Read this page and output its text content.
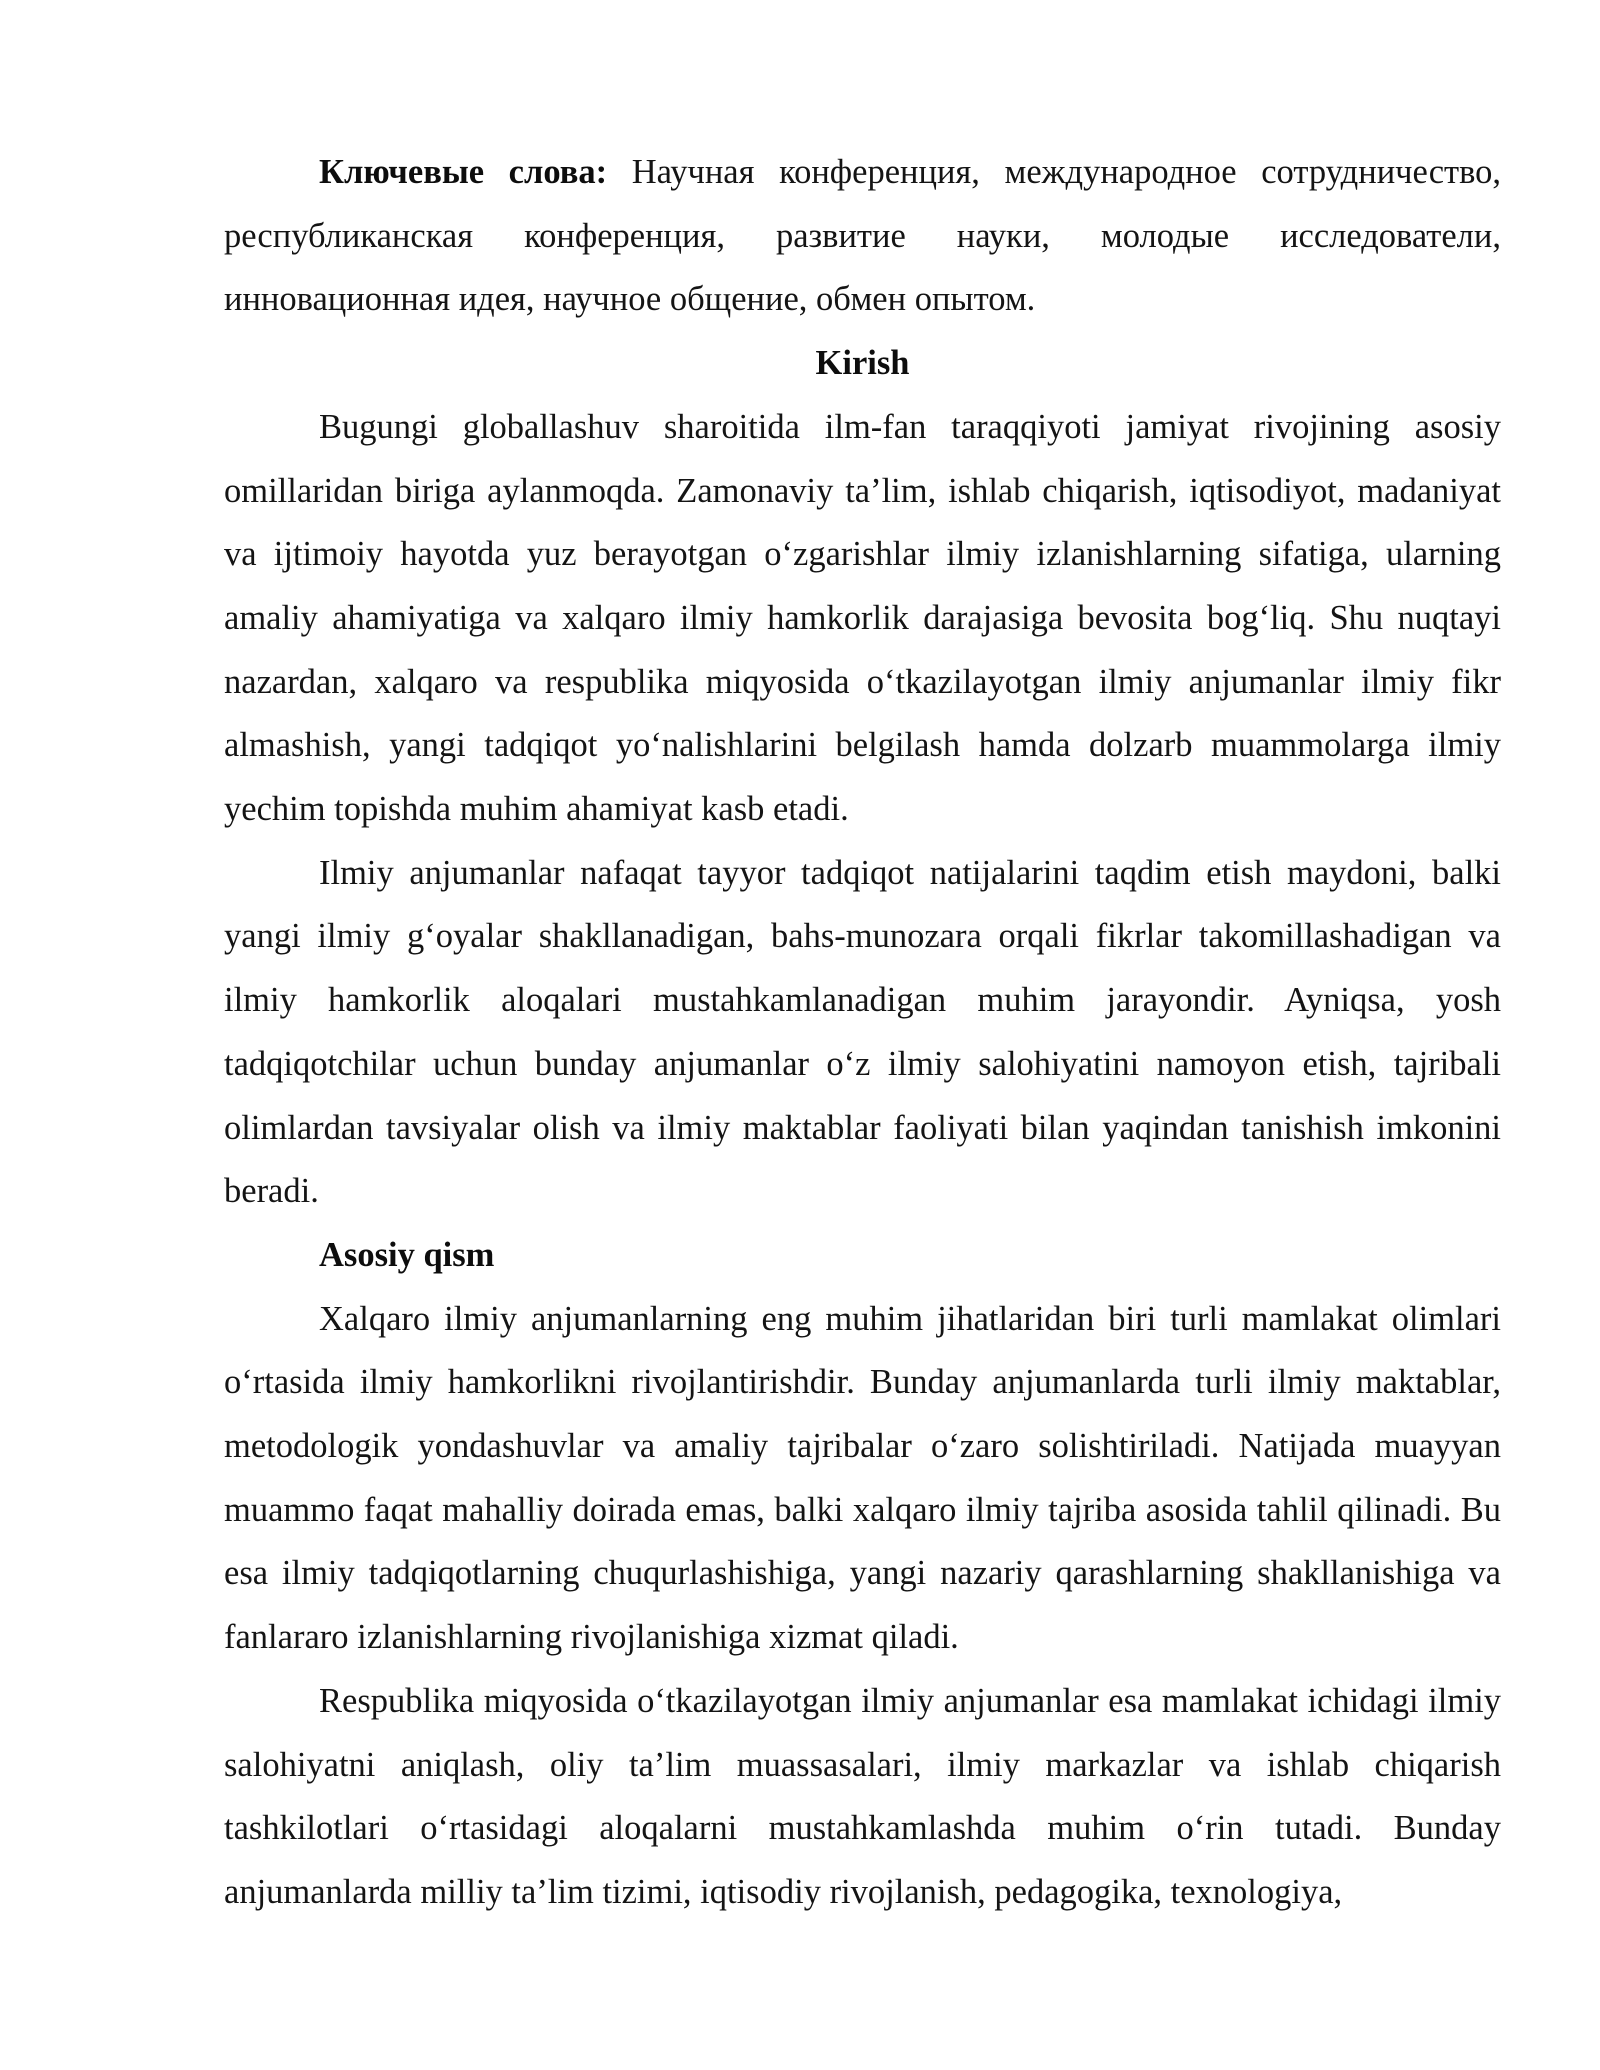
Ключевые слова: Научная конференция, международное сотрудничество, республиканская конференция, развитие науки, молодые исследователи, инновационная идея, научное общение, обмен опытом.

Kirish

Bugungi globallashuv sharoitida ilm-fan taraqqiyoti jamiyat rivojining asosiy omillaridan biriga aylanmoqda. Zamonaviy ta’lim, ishlab chiqarish, iqtisodiyot, madaniyat va ijtimoiy hayotda yuz berayotgan o‘zgarishlar ilmiy izlanishlarning sifatiga, ularning amaliy ahamiyatiga va xalqaro ilmiy hamkorlik darajasiga bevosita bog‘liq. Shu nuqtayi nazardan, xalqaro va respublika miqyosida o‘tkazilayotgan ilmiy anjumanlar ilmiy fikr almashish, yangi tadqiqot yo‘nalishlarini belgilash hamda dolzarb muammolarga ilmiy yechim topishda muhim ahamiyat kasb etadi.

Ilmiy anjumanlar nafaqat tayyor tadqiqot natijalarini taqdim etish maydoni, balki yangi ilmiy g‘oyalar shakllanadigan, bahs-munozara orqali fikrlar takomillashadigan va ilmiy hamkorlik aloqalari mustahkamlanadigan muhim jarayondir. Ayniqsa, yosh tadqiqotchilar uchun bunday anjumanlar o‘z ilmiy salohiyatini namoyon etish, tajribali olimlardan tavsiyalar olish va ilmiy maktablar faoliyati bilan yaqindan tanishish imkonini beradi.

Asosiy qism

Xalqaro ilmiy anjumanlarning eng muhim jihatlaridan biri turli mamlakat olimlari o‘rtasida ilmiy hamkorlikni rivojlantirishdir. Bunday anjumanlarda turli ilmiy maktablar, metodologik yondashuvlar va amaliy tajribalar o‘zaro solishtiriladi. Natijada muayyan muammo faqat mahalliy doirada emas, balki xalqaro ilmiy tajriba asosida tahlil qilinadi. Bu esa ilmiy tadqiqotlarning chuqurlashishiga, yangi nazariy qarashlarning shakllanishiga va fanlararo izlanishlarning rivojlanishiga xizmat qiladi.

Respublika miqyosida o‘tkazilayotgan ilmiy anjumanlar esa mamlakat ichidagi ilmiy salohiyatni aniqlash, oliy ta’lim muassasalari, ilmiy markazlar va ishlab chiqarish tashkilotlari o‘rtasidagi aloqalarni mustahkamlashda muhim o‘rin tutadi. Bunday anjumanlarda milliy ta’lim tizimi, iqtisodiy rivojlanish, pedagogika, texnologiya,
